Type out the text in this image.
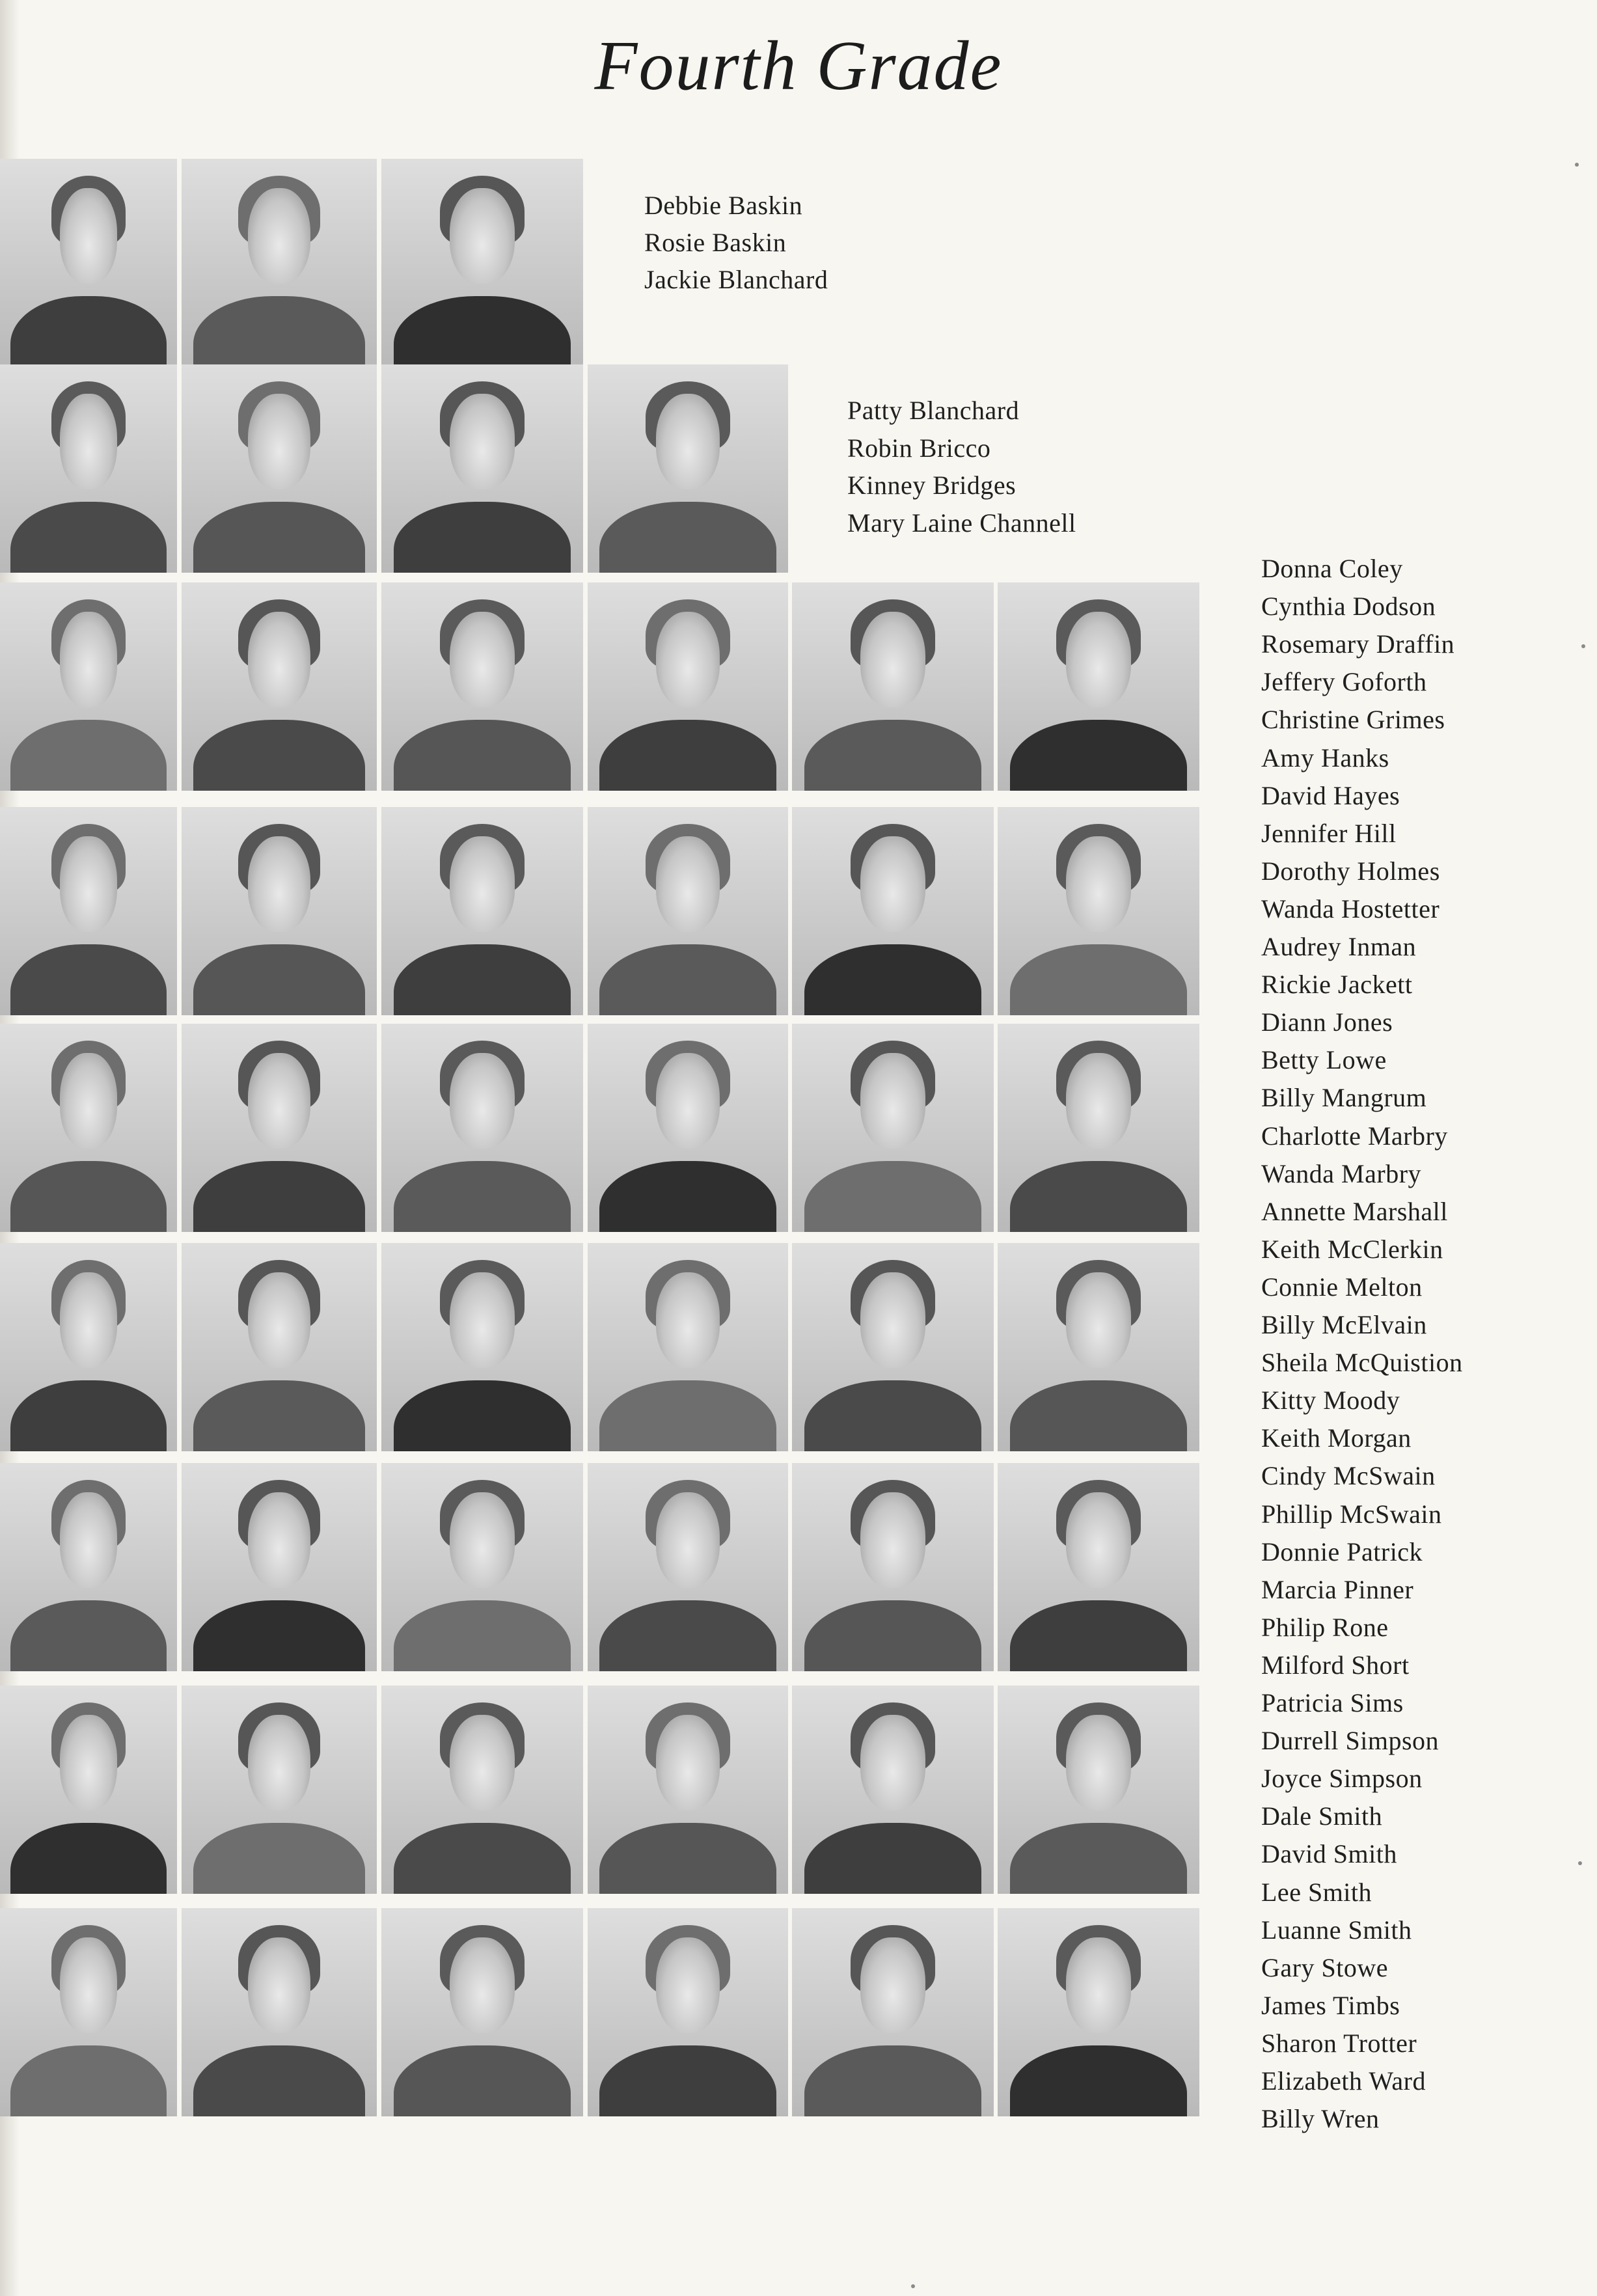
Fourth Grade
Debbie Baskin
Rosie Baskin
Jackie Blanchard
Patty Blanchard
Robin Bricco
Kinney Bridges
Mary Laine Channell
Donna Coley
Cynthia Dodson
Rosemary Draffin
Jeffery Goforth
Christine Grimes
Amy Hanks
David Hayes
Jennifer Hill
Dorothy Holmes
Wanda Hostetter
Audrey Inman
Rickie Jackett
Diann Jones
Betty Lowe
Billy Mangrum
Charlotte Marbry
Wanda Marbry
Annette Marshall
Keith McClerkin
Connie Melton
Billy McElvain
Sheila McQuistion
Kitty Moody
Keith Morgan
Cindy McSwain
Phillip McSwain
Donnie Patrick
Marcia Pinner
Philip Rone
Milford Short
Patricia Sims
Durrell Simpson
Joyce Simpson
Dale Smith
David Smith
Lee Smith
Luanne Smith
Gary Stowe
James Timbs
Sharon Trotter
Elizabeth Ward
Billy Wren
